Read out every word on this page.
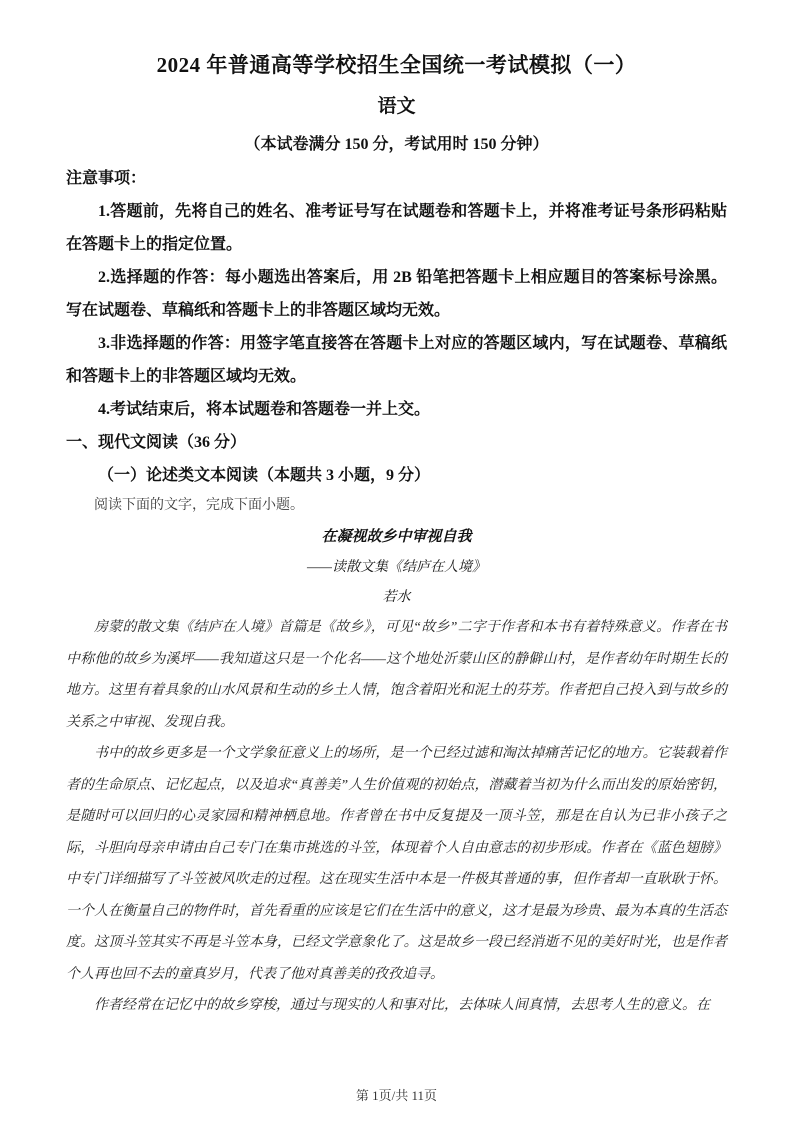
2024 年普通高等学校招生全国统一考试模拟（一）
语文
（本试卷满分 150 分，考试用时 150 分钟）
注意事项：

1.答题前，先将自己的姓名、准考证号写在试题卷和答题卡上，并将准考证号条形码粘贴在答题卡上的指定位置。

2.选择题的作答：每小题选出答案后，用 2B 铅笔把答题卡上相应题目的答案标号涂黑。写在试题卷、草稿纸和答题卡上的非答题区域均无效。

3.非选择题的作答：用签字笔直接答在答题卡上对应的答题区域内，写在试题卷、草稿纸和答题卡上的非答题区域均无效。

4.考试结束后，将本试题卷和答题卷一并上交。

一、现代文阅读（36 分）
（一）论述类文本阅读（本题共 3 小题，9 分）

阅读下面的文字，完成下面小题。

在凝视故乡中审视自我
——读散文集《结庐在人境》
若水

房蒙的散文集《结庐在人境》首篇是《故乡》，可见“故乡”二字于作者和本书有着特殊意义。作者在书中称他的故乡为溪坪——我知道这只是一个化名——这个地处沂蒙山区的静僻山村，是作者幼年时期生长的地方。这里有着具象的山水风景和生动的乡土人情，饱含着阳光和泥土的芬芳。作者把自己投入到与故乡的关系之中审视、发现自我。

书中的故乡更多是一个文学象征意义上的场所，是一个已经过滤和淘汰掉痛苦记忆的地方。它装载着作者的生命原点、记忆起点，以及追求“真善美”人生价值观的初始点，潜藏着当初为什么而出发的原始密钥，是随时可以回归的心灵家园和精神栖息地。作者曾在书中反复提及一顶斗笠，那是在自认为已非小孩子之际，斗胆向母亲申请由自己专门在集市挑选的斗笠，体现着个人自由意志的初步形成。作者在《蓝色翅膀》中专门详细描写了斗笠被风吹走的过程。这在现实生活中本是一件极其普通的事，但作者却一直耿耿于怀。一个人在衡量自己的物件时，首先看重的应该是它们在生活中的意义，这才是最为珍贵、最为本真的生活态度。这顶斗笠其实不再是斗笠本身，已经文学意象化了。这是故乡一段已经消逝不见的美好时光，也是作者个人再也回不去的童真岁月，代表了他对真善美的孜孜追寻。

作者经常在记忆中的故乡穿梭，通过与现实的人和事对比，去体味人间真情，去思考人生的意义。在

第 1页/共 11页
